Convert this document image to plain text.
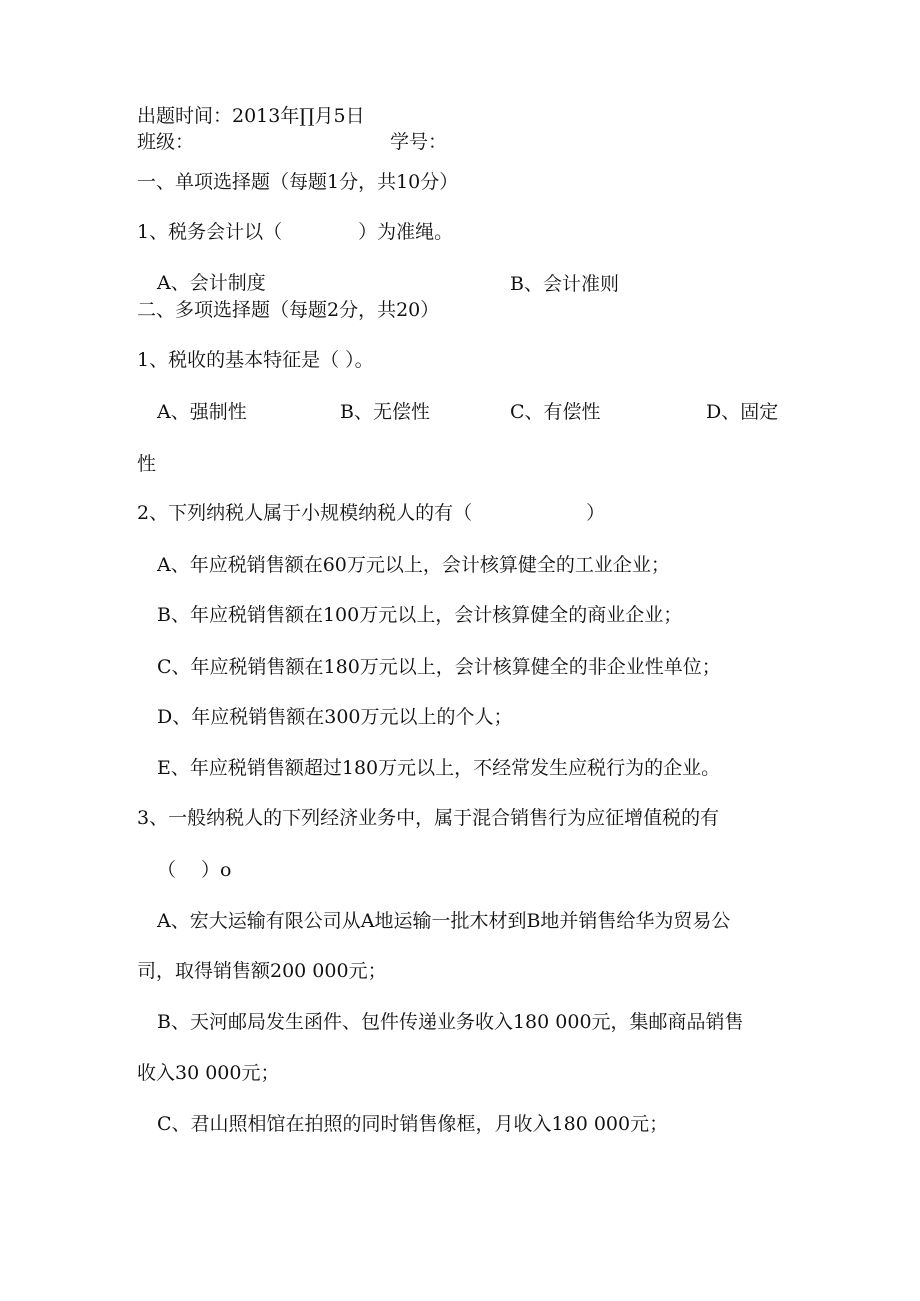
出题时间：2013年∏月5日
班级：	学号：
一、单项选择题（每题1分，共10分）
1、税务会计以（　　　　）为准绳。
A、会计制度	B、会计准则
二、多项选择题（每题2分，共20）
1、税收的基本特征是（ ）。
A、强制性	B、无偿性	C、有偿性	D、固定
性
2、下列纳税人属于小规模纳税人的有（　　　　　　）
A、年应税销售额在60万元以上，会计核算健全的工业企业；
B、年应税销售额在100万元以上，会计核算健全的商业企业；
C、年应税销售额在180万元以上，会计核算健全的非企业性单位；
D、年应税销售额在300万元以上的个人；
E、年应税销售额超过180万元以上，不经常发生应税行为的企业。
3、一般纳税人的下列经济业务中，属于混合销售行为应征增值税的有
（　 ）o
A、宏大运输有限公司从A地运输一批木材到B地并销售给华为贸易公
司，取得销售额200 000元；
B、天河邮局发生函件、包件传递业务收入180 000元，集邮商品销售
收入30 000元；
C、君山照相馆在拍照的同时销售像框，月收入180 000元；
